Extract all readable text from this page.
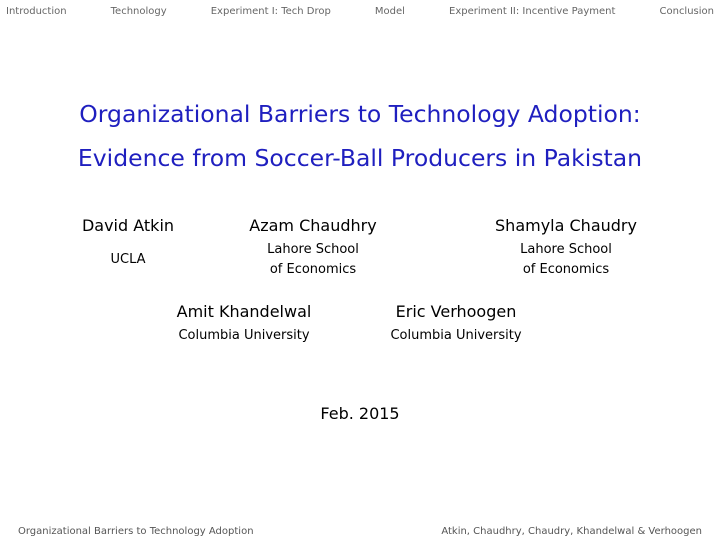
Introduction	Technology	Experiment I: Tech Drop	Model	Experiment II: Incentive Payment	Conclusion
Organizational Barriers to Technology Adoption:
Evidence from Soccer-Ball Producers in Pakistan
David Atkin
UCLA
Azam Chaudhry
Lahore School
of Economics
Shamyla Chaudry
Lahore School
of Economics
Amit Khandelwal
Columbia University
Eric Verhoogen
Columbia University
Feb. 2015
Organizational Barriers to Technology Adoption	Atkin, Chaudhry, Chaudry, Khandelwal & Verhoogen
